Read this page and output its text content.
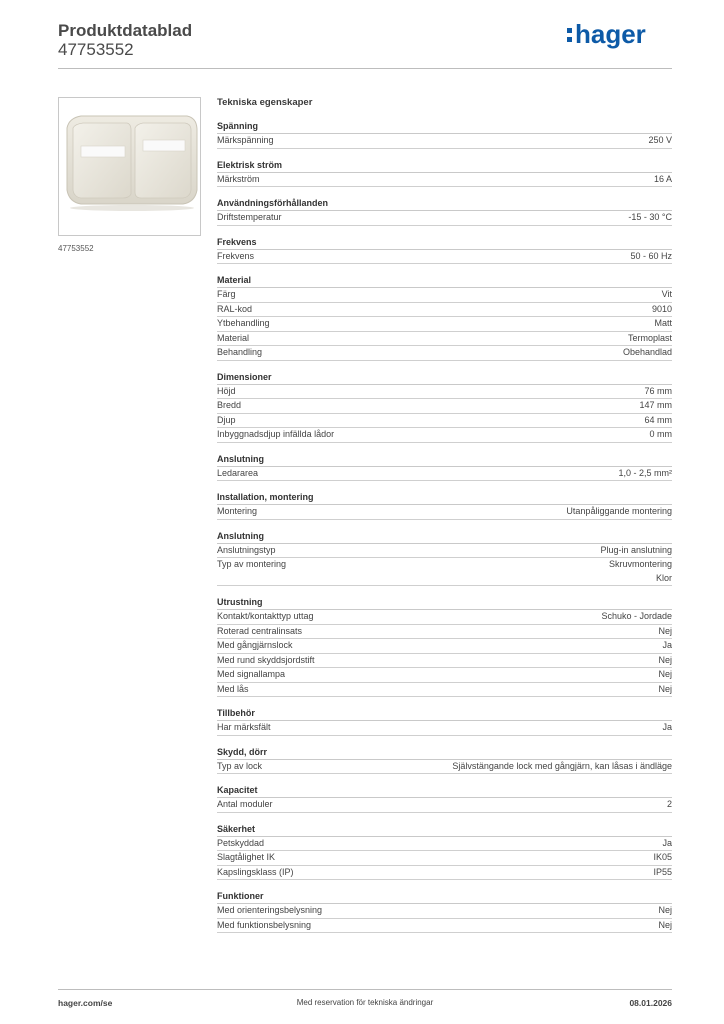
Produktdatablad
47753552
hager
47753552
Tekniska egenskaper
Spänning
Märkspänning	250 V
Elektrisk ström
Märkström	16 A
Användningsförhållanden
Driftstemperatur	-15 - 30 °C
Frekvens
Frekvens	50 - 60 Hz
Material
Färg	Vit
RAL-kod	9010
Ytbehandling	Matt
Material	Termoplast
Behandling	Obehandlad
Dimensioner
Höjd	76 mm
Bredd	147 mm
Djup	64 mm
Inbyggnadsdjup infällda lådor	0 mm
Anslutning
Ledararea	1,0 - 2,5 mm²
Installation, montering
Montering	Utanpåliggande montering
Anslutning
Anslutningstyp	Plug-in anslutning
Typ av montering	Skruvmontering
Klor
Utrustning
Kontakt/kontakttyp uttag	Schuko - Jordade
Roterad centralinsats	Nej
Med gångjärnslock	Ja
Med rund skyddsjordstift	Nej
Med signallampa	Nej
Med lås	Nej
Tillbehör
Har märksfält	Ja
Skydd, dörr
Typ av lock	Självstängande lock med gångjärn, kan låsas i ändläge
Kapacitet
Antal moduler	2
Säkerhet
Petskyddad	Ja
Slagtålighet IK	IK05
Kapslingsklass (IP)	IP55
Funktioner
Med orienteringsbelysning	Nej
Med funktionsbelysning	Nej
hager.com/se	Med reservation för tekniska ändringar	08.01.2026
